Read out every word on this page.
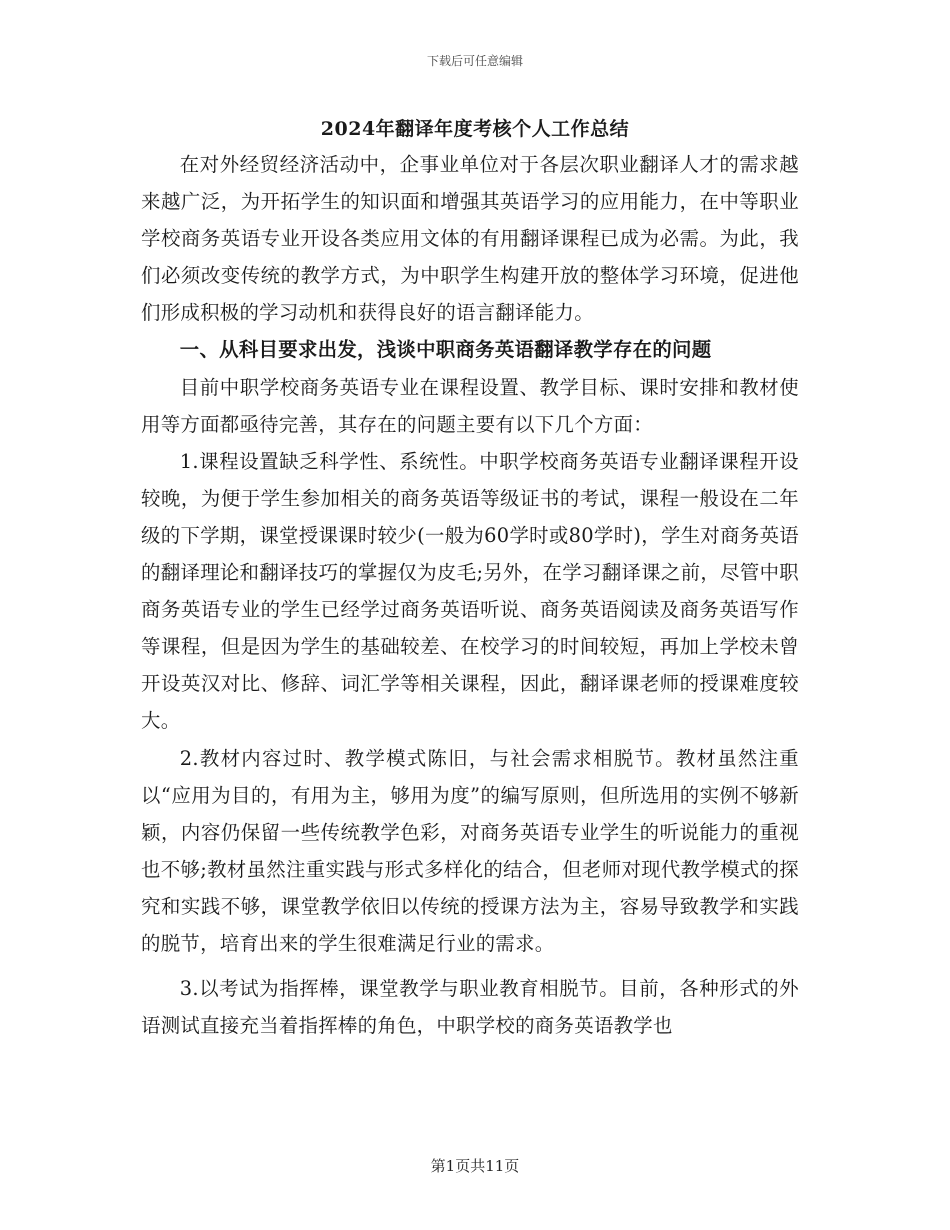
下载后可任意编辑
2024年翻译年度考核个人工作总结

在对外经贸经济活动中，企事业单位对于各层次职业翻译人才的需求越来越广泛，为开拓学生的知识面和增强其英语学习的应用能力，在中等职业学校商务英语专业开设各类应用文体的有用翻译课程已成为必需。为此，我们必须改变传统的教学方式，为中职学生构建开放的整体学习环境，促进他们形成积极的学习动机和获得良好的语言翻译能力。

一、从科目要求出发，浅谈中职商务英语翻译教学存在的问题

目前中职学校商务英语专业在课程设置、教学目标、课时安排和教材使用等方面都亟待完善，其存在的问题主要有以下几个方面：

1.课程设置缺乏科学性、系统性。中职学校商务英语专业翻译课程开设较晚，为便于学生参加相关的商务英语等级证书的考试，课程一般设在二年级的下学期，课堂授课课时较少(一般为60学时或80学时)，学生对商务英语的翻译理论和翻译技巧的掌握仅为皮毛;另外，在学习翻译课之前，尽管中职商务英语专业的学生已经学过商务英语听说、商务英语阅读及商务英语写作等课程，但是因为学生的基础较差、在校学习的时间较短，再加上学校未曾开设英汉对比、修辞、词汇学等相关课程，因此，翻译课老师的授课难度较大。

2.教材内容过时、教学模式陈旧，与社会需求相脱节。教材虽然注重以“应用为目的，有用为主，够用为度”的编写原则，但所选用的实例不够新颖，内容仍保留一些传统教学色彩，对商务英语专业学生的听说能力的重视也不够;教材虽然注重实践与形式多样化的结合，但老师对现代教学模式的探究和实践不够，课堂教学依旧以传统的授课方法为主，容易导致教学和实践的脱节，培育出来的学生很难满足行业的需求。

3.以考试为指挥棒，课堂教学与职业教育相脱节。目前，各种形式的外语测试直接充当着指挥棒的角色，中职学校的商务英语教学也

第1页共11页
